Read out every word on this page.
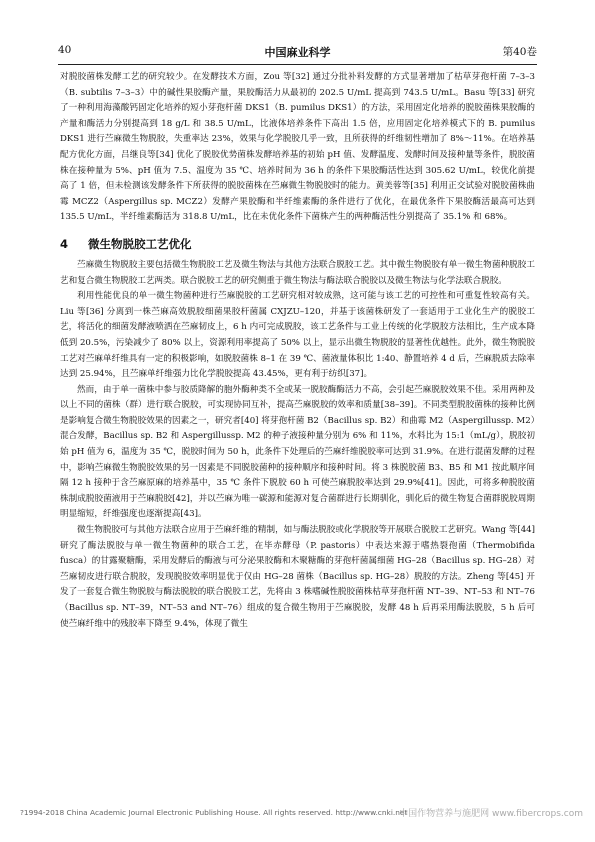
40	中国麻业科学	第40卷

对脱胶菌株发酵工艺的研究较少。在发酵技术方面，Zou 等[32] 通过分批补料发酵的方式显著增加了枯草芽孢杆菌 7–3–3（B. subtilis 7–3–3）中的碱性果胶酶产量，果胶酶活力从最初的 202.5 U/mL 提高到 743.5 U/mL。Basu 等[33] 研究了一种利用海藻酸钙固定化培养的短小芽孢杆菌 DKS1（B. pumilus DKS1）的方法，采用固定化培养的脱胶菌株果胶酶的产量和酶活力分别提高到 18 g/L 和 38.5 U/mL，比液体培养条件下高出 1.5 倍，应用固定化培养模式下的 B. pumilus DKS1 进行苎麻微生物脱胶，失重率达 23%，效果与化学脱胶几乎一致，且所获得的纤维韧性增加了 8%～11%。在培养基配方优化方面，吕继良等[34] 优化了脱胶优势菌株发酵培养基的初始 pH 值、发酵温度、发酵时间及接种量等条件，脱胶菌株在接种量为 5%、pH 值为 7.5、温度为 35 ℃、培养时间为 36 h 的条件下果胶酶活性达到 305.62 U/mL，较优化前提高了 1 倍，但未检测该发酵条件下所获得的脱胶菌株在苎麻微生物脱胶时的能力。黄美蓉等[35] 利用正交试验对脱胶菌株曲霉 MCZ2（Aspergillus sp. MCZ2）发酵产果胶酶和半纤维素酶的条件进行了优化，在最优条件下果胶酶活最高可达到 135.5 U/mL，半纤维素酶活为 318.8 U/mL，比在未优化条件下菌株产生的两种酶活性分别提高了 35.1% 和 68%。

4 微生物脱胶工艺优化

苎麻微生物脱胶主要包括微生物脱胶工艺及微生物法与其他方法联合脱胶工艺。其中微生物脱胶有单一微生物菌种脱胶工艺和复合微生物脱胶工艺两类。联合脱胶工艺的研究侧重于微生物法与酶法联合脱胶以及微生物法与化学法联合脱胶。

利用性能优良的单一微生物菌种进行苎麻脱胶的工艺研究相对较成熟，这可能与该工艺的可控性和可重复性较高有关。Liu 等[36] 分离到一株苎麻高效脱胶细菌果胶杆菌属 CXJZU–120，并基于该菌株研发了一套适用于工业化生产的脱胶工艺，将活化的细菌发酵液喷洒在苎麻韧皮上，6 h 内可完成脱胶，该工艺条件与工业上传统的化学脱胶方法相比，生产成本降低到 20.5%，污染减少了 80% 以上，资源利用率提高了 50% 以上，显示出微生物脱胶的显著性优越性。此外，微生物脱胶工艺对苎麻单纤维具有一定的积极影响，如脱胶菌株 8–1 在 39 ℃、菌液量体积比 1:40、静置培养 4 d 后，苎麻脱质去除率达到 25.94%，且苎麻单纤维强力比化学脱胶提高 43.45%，更有利于纺织[37]。

然而，由于单一菌株中参与胶质降解的胞外酶种类不全或某一脱胶酶酶活力不高，会引起苎麻脱胶效果不佳。采用两种及以上不同的菌株（群）进行联合脱胶，可实现协同互补，提高苎麻脱胶的效率和质量[38–39]。不同类型脱胶菌株的接种比例是影响复合微生物脱胶效果的因素之一，研究者[40] 将芽孢杆菌 B2（Bacillus sp. B2）和曲霉 M2（Aspergillussp. M2）混合发酵，Bacillus sp. B2 和 Aspergillussp. M2 的种子液接种量分别为 6% 和 11%，水料比为 15:1（mL/g），脱胶初始 pH 值为 6，温度为 35 ℃，脱胶时间为 50 h，此条件下处理后的苎麻纤维脱胶率可达到 31.9%。在进行混菌发酵的过程中，影响苎麻微生物脱胶效果的另一因素是不同脱胶菌种的接种顺序和接种时间。将 3 株脱胶菌 B3、B5 和 M1 按此顺序间隔 12 h 接种于含苎麻原麻的培养基中，35 ℃ 条件下脱胶 60 h 可使苎麻脱胶率达到 29.9%[41]。因此，可将多种脱胶菌株制成脱胶菌液用于苎麻脱胶[42]，并以苎麻为唯一碳源和能源对复合菌群进行长期驯化，驯化后的微生物复合菌群脱胶周期明显缩短，纤维强度也逐渐提高[43]。

微生物脱胶可与其他方法联合应用于苎麻纤维的精制，如与酶法脱胶或化学脱胶等开展联合脱胶工艺研究。Wang 等[44] 研究了酶法脱胶与单一微生物菌种的联合工艺，在毕赤酵母（P. pastoris）中表达来源于嗜热裂孢菌（Thermobifida fusca）的甘露聚糖酶，采用发酵后的酶液与可分泌果胶酶和木聚糖酶的芽孢杆菌属细菌 HG–28（Bacillus sp. HG–28）对苎麻韧皮进行联合脱胶，发现脱胶效率明显优于仅由 HG–28 菌株（Bacillus sp. HG–28）脱胶的方法。Zheng 等[45] 开发了一套复合微生物脱胶与酶法脱胶的联合脱胶工艺，先将由 3 株嗜碱性脱胶菌株枯草芽孢杆菌 NT–39、NT–53 和 NT–76（Bacillus sp. NT–39，NT–53 and NT–76）组成的复合微生物用于苎麻脱胶，发酵 48 h 后再采用酶法脱胶，5 h 后可使苎麻纤维中的残胶率下降至 9.4%，体现了微生

?1994-2018 China Academic Journal Electronic Publishing House. All rights reserved. http://www.cnki.net
中国作物营养与施肥网 www.fibercrops.com
